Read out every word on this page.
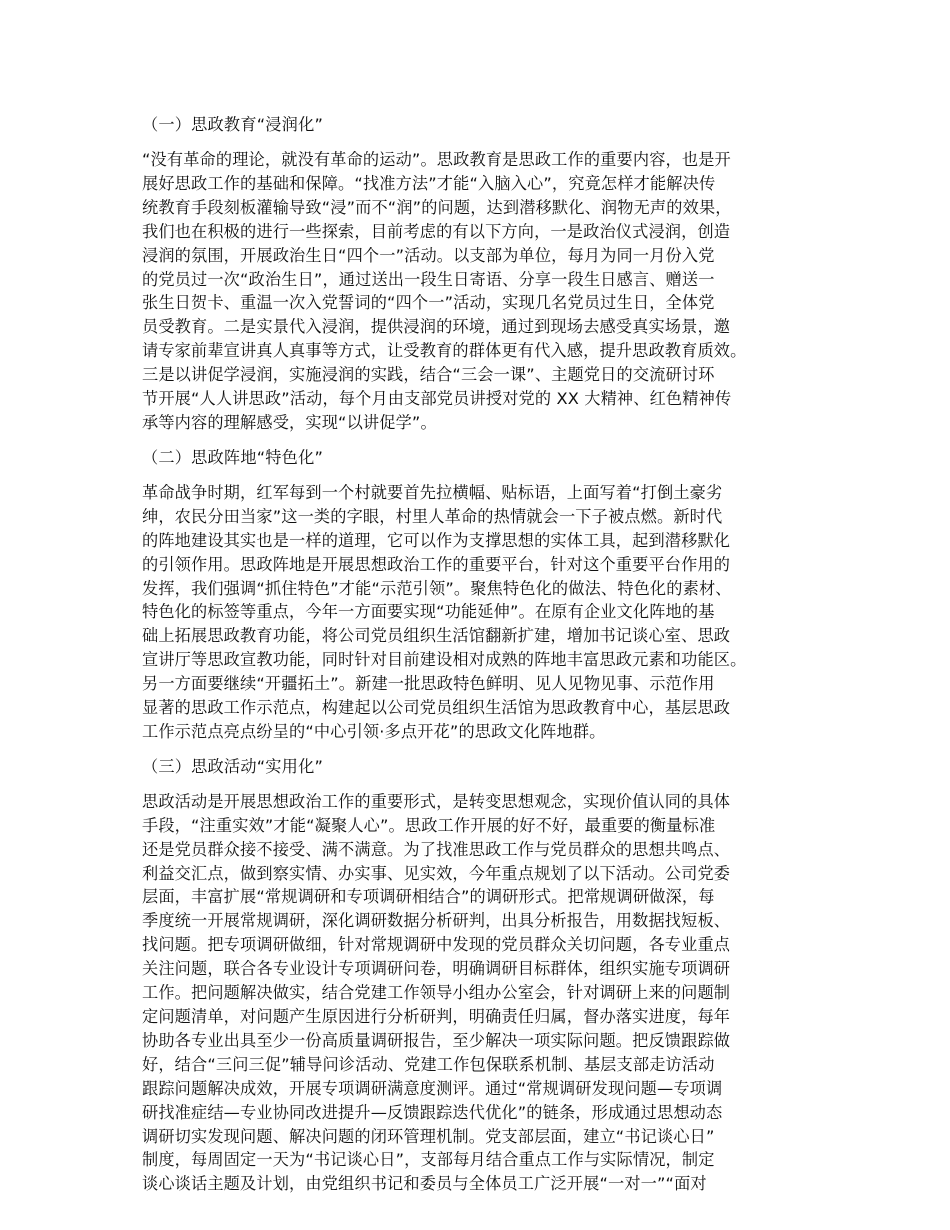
（一）思政教育“浸润化”
“没有革命的理论，就没有革命的运动”。思政教育是思政工作的重要内容，也是开
展好思政工作的基础和保障。“找准方法”才能“入脑入心”，究竟怎样才能解决传
统教育手段刻板灌输导致“浸”而不“润”的问题，达到潜移默化、润物无声的效果，
我们也在积极的进行一些探索，目前考虑的有以下方向，一是政治仪式浸润，创造
浸润的氛围，开展政治生日“四个一”活动。以支部为单位，每月为同一月份入党
的党员过一次“政治生日”，通过送出一段生日寄语、分享一段生日感言、赠送一
张生日贺卡、重温一次入党誓词的“四个一”活动，实现几名党员过生日，全体党
员受教育。二是实景代入浸润，提供浸润的环境，通过到现场去感受真实场景，邀
请专家前辈宣讲真人真事等方式，让受教育的群体更有代入感，提升思政教育质效。
三是以讲促学浸润，实施浸润的实践，结合“三会一课”、主题党日的交流研讨环
节开展“人人讲思政”活动，每个月由支部党员讲授对党的 XX 大精神、红色精神传
承等内容的理解感受，实现“以讲促学”。
（二）思政阵地“特色化”
革命战争时期，红军每到一个村就要首先拉横幅、贴标语，上面写着“打倒土豪劣
绅，农民分田当家”这一类的字眼，村里人革命的热情就会一下子被点燃。新时代
的阵地建设其实也是一样的道理，它可以作为支撑思想的实体工具，起到潜移默化
的引领作用。思政阵地是开展思想政治工作的重要平台，针对这个重要平台作用的
发挥，我们强调“抓住特色”才能“示范引领”。聚焦特色化的做法、特色化的素材、
特色化的标签等重点，今年一方面要实现“功能延伸”。在原有企业文化阵地的基
础上拓展思政教育功能，将公司党员组织生活馆翻新扩建，增加书记谈心室、思政
宣讲厅等思政宣教功能，同时针对目前建设相对成熟的阵地丰富思政元素和功能区。
另一方面要继续“开疆拓土”。新建一批思政特色鲜明、见人见物见事、示范作用
显著的思政工作示范点，构建起以公司党员组织生活馆为思政教育中心，基层思政
工作示范点亮点纷呈的“中心引领·多点开花”的思政文化阵地群。
（三）思政活动“实用化”
思政活动是开展思想政治工作的重要形式，是转变思想观念，实现价值认同的具体
手段，“注重实效”才能“凝聚人心”。思政工作开展的好不好，最重要的衡量标准
还是党员群众接不接受、满不满意。为了找准思政工作与党员群众的思想共鸣点、
利益交汇点，做到察实情、办实事、见实效，今年重点规划了以下活动。公司党委
层面，丰富扩展“常规调研和专项调研相结合”的调研形式。把常规调研做深，每
季度统一开展常规调研，深化调研数据分析研判，出具分析报告，用数据找短板、
找问题。把专项调研做细，针对常规调研中发现的党员群众关切问题，各专业重点
关注问题，联合各专业设计专项调研问卷，明确调研目标群体，组织实施专项调研
工作。把问题解决做实，结合党建工作领导小组办公室会，针对调研上来的问题制
定问题清单，对问题产生原因进行分析研判，明确责任归属，督办落实进度，每年
协助各专业出具至少一份高质量调研报告，至少解决一项实际问题。把反馈跟踪做
好，结合“三问三促”辅导问诊活动、党建工作包保联系机制、基层支部走访活动
跟踪问题解决成效，开展专项调研满意度测评。通过“常规调研发现问题—专项调
研找准症结—专业协同改进提升—反馈跟踪迭代优化”的链条，形成通过思想动态
调研切实发现问题、解决问题的闭环管理机制。党支部层面，建立“书记谈心日”
制度，每周固定一天为“书记谈心日”，支部每月结合重点工作与实际情况，制定
谈心谈话主题及计划，由党组织书记和委员与全体员工广泛开展“一对一”“面对
